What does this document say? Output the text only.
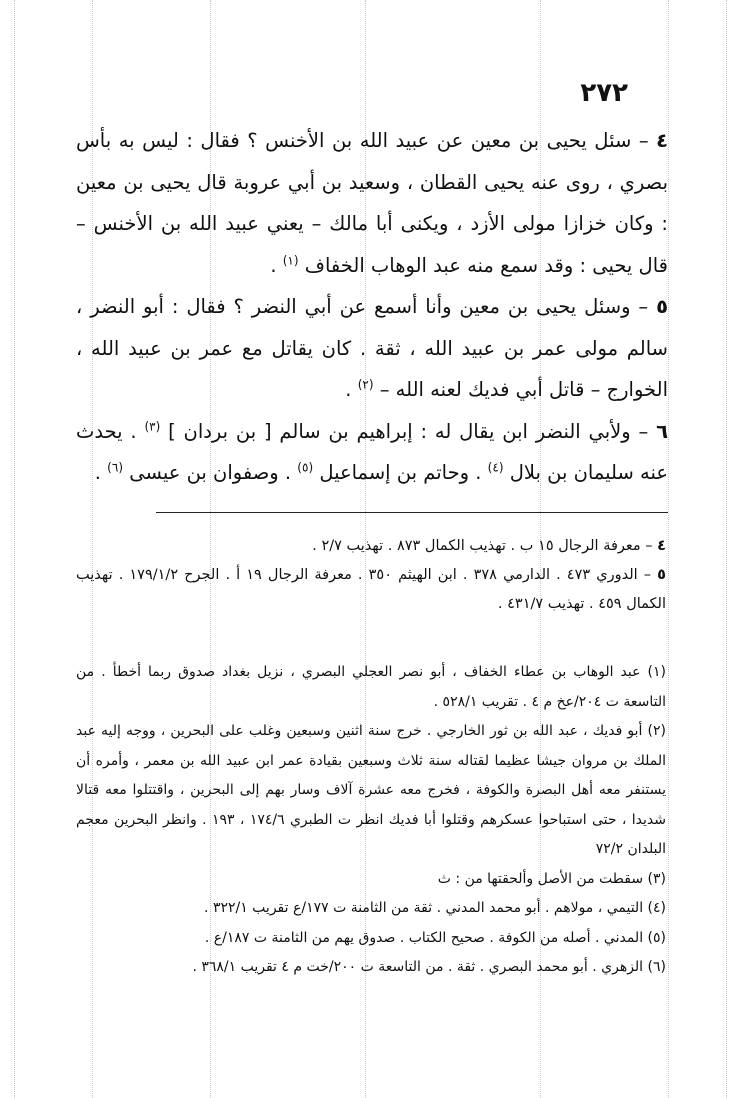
٢٧٢

٤ – سئل يحيى بن معين عن عبيد الله بن الأخنس ؟ فقال : ليس به بأس بصري ، روى عنه يحيى القطان ، وسعيد بن أبي عروبة قال يحيى بن معين : وكان خزازا مولى الأزد ، ويكنى أبا مالك – يعني عبيد الله بن الأخنس – قال يحيى : وقد سمع منه عبد الوهاب الخفاف $^{(١)}$ .

٥ – وسئل يحيى بن معين وأنا أسمع عن أبي النضر ؟ فقال : أبو النضر ، سالم مولى عمر بن عبيد الله ، ثقة . كان يقاتل مع عمر بن عبيد الله ، الخوارج – قاتل أبي فديك لعنه الله – $^{(٢)}$ .

٦ – ولأبي النضر ابن يقال له : إبراهيم بن سالم [ بن بردان ] $^{(٣)}$ . يحدث عنه سليمان بن بلال $^{(٤)}$ . وحاتم بن إسماعيل $^{(٥)}$ . وصفوان بن عيسى $^{(٦)}$ .

٤ – معرفة الرجال ١٥ ب . تهذيب الكمال ٨٧٣ . تهذيب ٢/٧ .

٥ – الدوري ٤٧٣ . الدارمي ٣٧٨ . ابن الهيثم ٣٥٠ . معرفة الرجال ١٩ أ . الجرح ١٧٩/١/٢ . تهذيب الكمال ٤٥٩ . تهذيب ٤٣١/٧ .

(١) عبد الوهاب بن عطاء الخفاف ، أبو نصر العجلي البصري ، نزيل بغداد صدوق ربما أخطأ . من التاسعة ت ٢٠٤/عخ م ٤ . تقريب ٥٢٨/١ .

(٢) أبو فديك ، عبد الله بن ثور الخارجي . خرج سنة اثنين وسبعين وغلب على البحرين ، ووجه إليه عبد الملك بن مروان جيشا عظيما لقتاله سنة ثلاث وسبعين بقيادة عمر ابن عبيد الله بن معمر ، وأمره أن يستنفر معه أهل البصرة والكوفة ، فخرج معه عشرة آلاف وسار بهم إلى البحرين ، واقتتلوا معه قتالا شديدا ، حتى استباحوا عسكرهم وقتلوا أبا فديك انظر ت الطبري ١٧٤/٦ ، ١٩٣ . وانظر البحرين معجم البلدان ٧٢/٢

(٣) سقطت من الأصل وألحقتها من : ث

(٤) التيمي ، مولاهم . أبو محمد المدني . ثقة من الثامنة ت ١٧٧/ع تقريب ٣٢٢/١ .

(٥) المدني . أصله من الكوفة . صحيح الكتاب . صدوق يهم من الثامنة ت ١٨٧/ع .

(٦) الزهري . أبو محمد البصري . ثقة . من التاسعة ت ٢٠٠/خت م ٤ تقريب ٣٦٨/١ .
